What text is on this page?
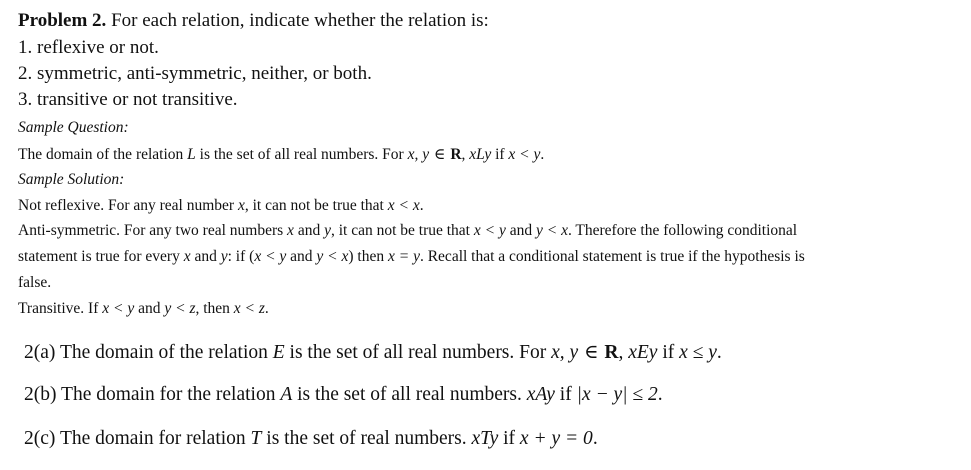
Problem 2. For each relation, indicate whether the relation is:
1. reflexive or not.
2. symmetric, anti-symmetric, neither, or both.
3. transitive or not transitive.
Sample Question:
The domain of the relation L is the set of all real numbers. For x, y ∈ R, xLy if x < y.
Sample Solution:
Not reflexive. For any real number x, it can not be true that x < x.
Anti-symmetric. For any two real numbers x and y, it can not be true that x < y and y < x. Therefore the following conditional
statement is true for every x and y: if (x < y and y < x) then x = y. Recall that a conditional statement is true if the hypothesis is
false.
Transitive. If x < y and y < z, then x < z.
2(a) The domain of the relation E is the set of all real numbers. For x, y ∈ R, xEy if x ≤ y.
2(b) The domain for the relation A is the set of all real numbers. xAy if |x − y| ≤ 2.
2(c) The domain for relation T is the set of real numbers. xTy if x + y = 0.
